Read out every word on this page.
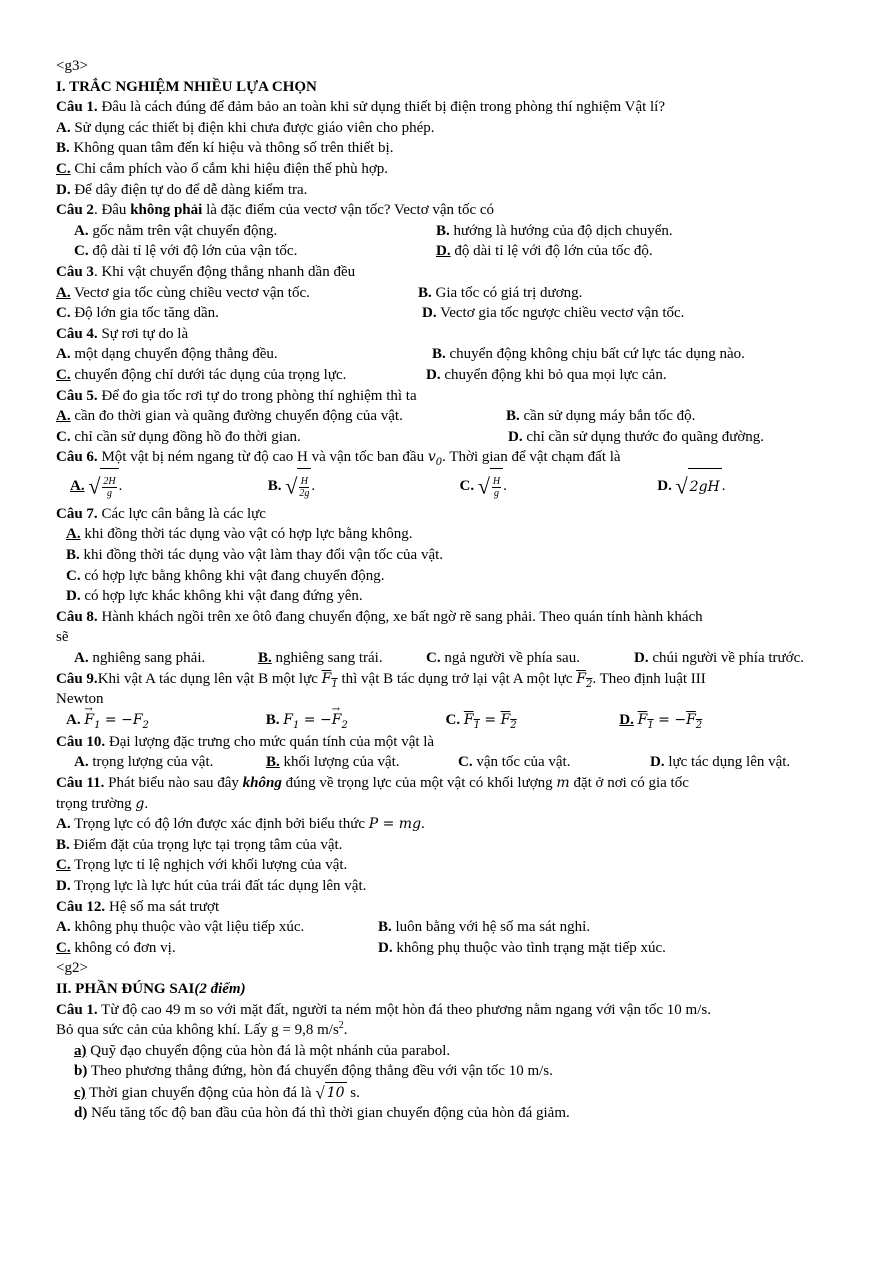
<g3>
I. TRẮC NGHIỆM NHIỀU LỰA CHỌN
Câu 1. Đâu là cách đúng để đảm bảo an toàn khi sử dụng thiết bị điện trong phòng thí nghiệm Vật lí?
A. Sử dụng các thiết bị điện khi chưa được giáo viên cho phép.
B. Không quan tâm đến kí hiệu và thông số trên thiết bị.
C. Chỉ cắm phích vào ổ cắm khi hiệu điện thế phù hợp.
D. Để dây điện tự do để dễ dàng kiểm tra.
Câu 2. Đâu không phải là đặc điểm của vectơ vận tốc? Vectơ vận tốc có
A. gốc nằm trên vật chuyển động.	B. hướng là hướng của độ dịch chuyển.
C. độ dài tỉ lệ với độ lớn của vận tốc.	D. độ dài tỉ lệ với độ lớn của tốc độ.
Câu 3. Khi vật chuyển động thẳng nhanh dần đều
A. Vectơ gia tốc cùng chiều vectơ vận tốc.	B. Gia tốc có giá trị dương.
C. Độ lớn gia tốc tăng dần.	D. Vectơ gia tốc ngược chiều vectơ vận tốc.
Câu 4. Sự rơi tự do là
A. một dạng chuyển động thẳng đều.	B. chuyển động không chịu bất cứ lực tác dụng nào.
C. chuyển động chỉ dưới tác dụng của trọng lực.	D. chuyển động khi bỏ qua mọi lực cản.
Câu 5. Để đo gia tốc rơi tự do trong phòng thí nghiệm thì ta
A. cần đo thời gian và quãng đường chuyển động của vật.	B. cần sử dụng máy bắn tốc độ.
C. chỉ cần sử dụng đồng hồ đo thời gian.	D. chỉ cần sử dụng thước đo quãng đường.
Câu 6. Một vật bị ném ngang từ độ cao H và vận tốc ban đầu $v_0$. Thời gian để vật chạm đất là
A. √ $\frac{2H}{g}$ .	B. √ $\frac{H}{2g}$ .	C. √ $\frac{H}{g}$ .	D. √ 2gH .
Câu 7. Các lực cân bằng là các lực
A. khi đồng thời tác dụng vào vật có hợp lực bằng không.
B. khi đồng thời tác dụng vào vật làm thay đổi vận tốc của vật.
C. có hợp lực bằng không khi vật đang chuyển động.
D. có hợp lực khác không khi vật đang đứng yên.
Câu 8. Hành khách ngồi trên xe ôtô đang chuyển động, xe bất ngờ rẽ sang phải. Theo quán tính hành khách
sẽ
A. nghiêng sang phải.	B. nghiêng sang trái.	C. ngả người về phía sau.	D. chúi người về phía trước.
Câu 9.Khi vật A tác dụng lên vật B một lực $F_1$ thì vật B tác dụng trở lại vật A một lực $F_2$. Theo định luật III
Newton
A. → $F_1 = -F_2$	B. $F_1$ = −→ $F_2$	C. $F_1 = F_2$	D. $F_1 = -F_2$
Câu 10. Đại lượng đặc trưng cho mức quán tính của một vật là
A. trọng lượng của vật.	B. khối lượng của vật.	C. vận tốc của vật.	D. lực tác dụng lên vật.
Câu 11. Phát biểu nào sau đây không đúng về trọng lực của một vật có khối lượng m đặt ở nơi có gia tốc
trọng trường g.
A. Trọng lực có độ lớn được xác định bởi biểu thức P = mg.
B. Điểm đặt của trọng lực tại trọng tâm của vật.
C. Trọng lực tỉ lệ nghịch với khối lượng của vật.
D. Trọng lực là lực hút của trái đất tác dụng lên vật.
Câu 12. Hệ số ma sát trượt
A. không phụ thuộc vào vật liệu tiếp xúc.	B. luôn bằng với hệ số ma sát nghỉ.
C. không có đơn vị.	D. không phụ thuộc vào tình trạng mặt tiếp xúc.
<g2>
II. PHẦN ĐÚNG SAI(2 điểm)
Câu 1. Từ độ cao 49 m so với mặt đất, người ta ném một hòn đá theo phương nằm ngang với vận tốc 10 m/s.
Bỏ qua sức cản của không khí. Lấy g = 9,8 $m/s^2$.
a) Quỹ đạo chuyển động của hòn đá là một nhánh của parabol.
b) Theo phương thẳng đứng, hòn đá chuyển động thẳng đều với vận tốc 10 m/s.
c) Thời gian chuyển động của hòn đá là √ 10 s.
d) Nếu tăng tốc độ ban đầu của hòn đá thì thời gian chuyển động của hòn đá giảm.
